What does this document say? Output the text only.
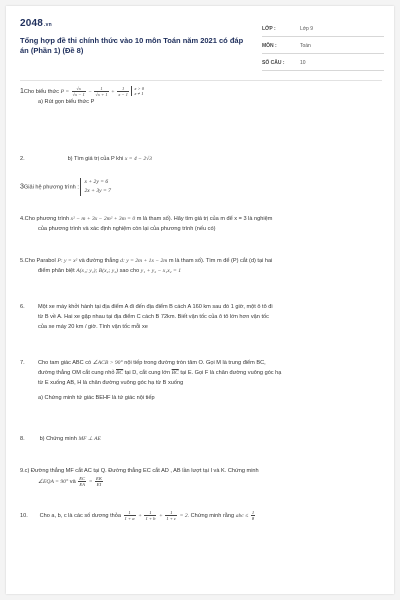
2048.vn
Tổng hợp đề thi chính thức vào 10 môn Toán năm 2021 có đáp án (Phần 1) (Đề 8)
LỚP :	Lớp 9
MÔN :	Toán
SỐ CÂU :	10
1Cho biểu thức $P = \frac{√x}{√x - 1} - \frac{1}{√x + 1} + \frac{1}{x - 1}$
x > 0
x ≠ 1
a) Rút gọn biểu thức P
2.	b) Tìm giá trị của P khi x = 4 − 2√3
3Giải hệ phương trình :
x + 2y = 6
2x + 3y = 7
4.Cho phương trình x² − m + 3x − 2m² + 3m = 0 m là tham số). Hãy tìm giá trị của m để x = 3 là nghiệm
của phương trình và xác định nghiệm còn lại của phương trình (nếu có)
5.Cho Parabol P: y = x² và đường thẳng d: y = 2m + 1x − 2m m là tham số). Tìm m để (P) cắt (d) tại hai
điểm phân biệt A(x₁; y₁); B(x₂; y₂) sao cho y₁ + y₂ − x₁x₂ = 1
6. Một xe máy khởi hành tại địa điểm A đi đến địa điểm B cách A 160 km sau đó 1 giờ, một ô tô đi
từ B về A. Hai xe gặp nhau tại địa điểm C cách B 72km. Biết vận tốc của ô tô lớn hơn vận tốc
của xe máy 20 km / giờ. Tính vận tốc mỗi xe
7. Cho tam giác ABC có ∠ACB > 90° nội tiếp trong đường tròn tâm O. Gọi M là trung điểm BC,
đường thẳng OM cắt cung nhỏ $\overline{BC}$ tại D, cắt cung lớn $\overline{BC}$ tại E. Gọi F là chân đường vuông góc hạ
từ E xuống AB, H là chân đường vuông góc hạ từ B xuống
a) Chứng minh tứ giác BEHF là tứ giác nội tiếp
8.	b) Chứng minh MF ⊥ AE
9.c) Đường thẳng MF cắt AC tại Q. Đường thẳng EC cắt AD , AB lần lượt tại I và K. Chứng minh
∠EQA = 90° và $\frac{EC}{EA} = \frac{EK}{EI}$
10. Cho a, b, c là các số dương thỏa $\frac{1}{1 + a} + \frac{1}{1 + b} + \frac{1}{1 + c} = 2$. Chứng minh rằng abc ≤ $\frac{1}{8}$
